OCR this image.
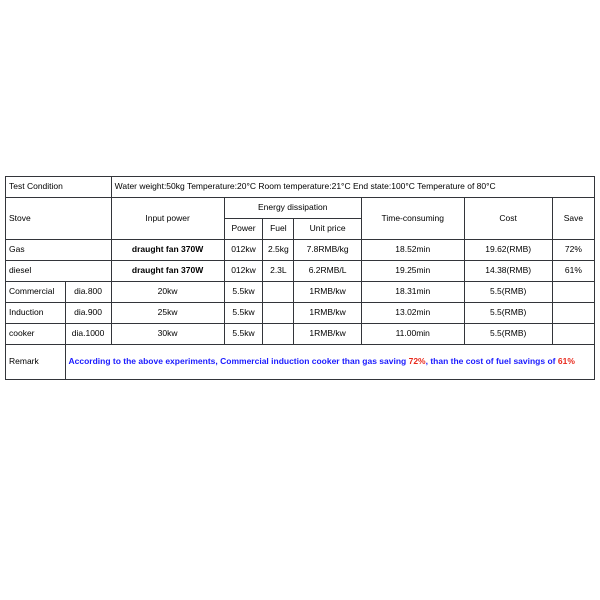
Test Condition		Water weight:50kg Temperature:20°C Room temperature:21°C End state:100°C Temperature of 80°C						
Stove		Input power	Energy dissipation			Time-consuming	Cost	Save
			Power	Fuel	Unit price			
Gas		draught fan 370W	012kw	2.5kg	7.8RMB/kg	18.52min	19.62(RMB)	72%
diesel		draught fan 370W	012kw	2.3L	6.2RMB/L	19.25min	14.38(RMB)	61%
Commercial	dia.800	20kw	5.5kw		1RMB/kw	18.31min	5.5(RMB)	
Induction	dia.900	25kw	5.5kw		1RMB/kw	13.02min	5.5(RMB)	
cooker	dia.1000	30kw	5.5kw		1RMB/kw	11.00min	5.5(RMB)	
Remark	According to the above experiments, Commercial induction cooker than gas saving 72%, than the cost of fuel savings of 61%							
